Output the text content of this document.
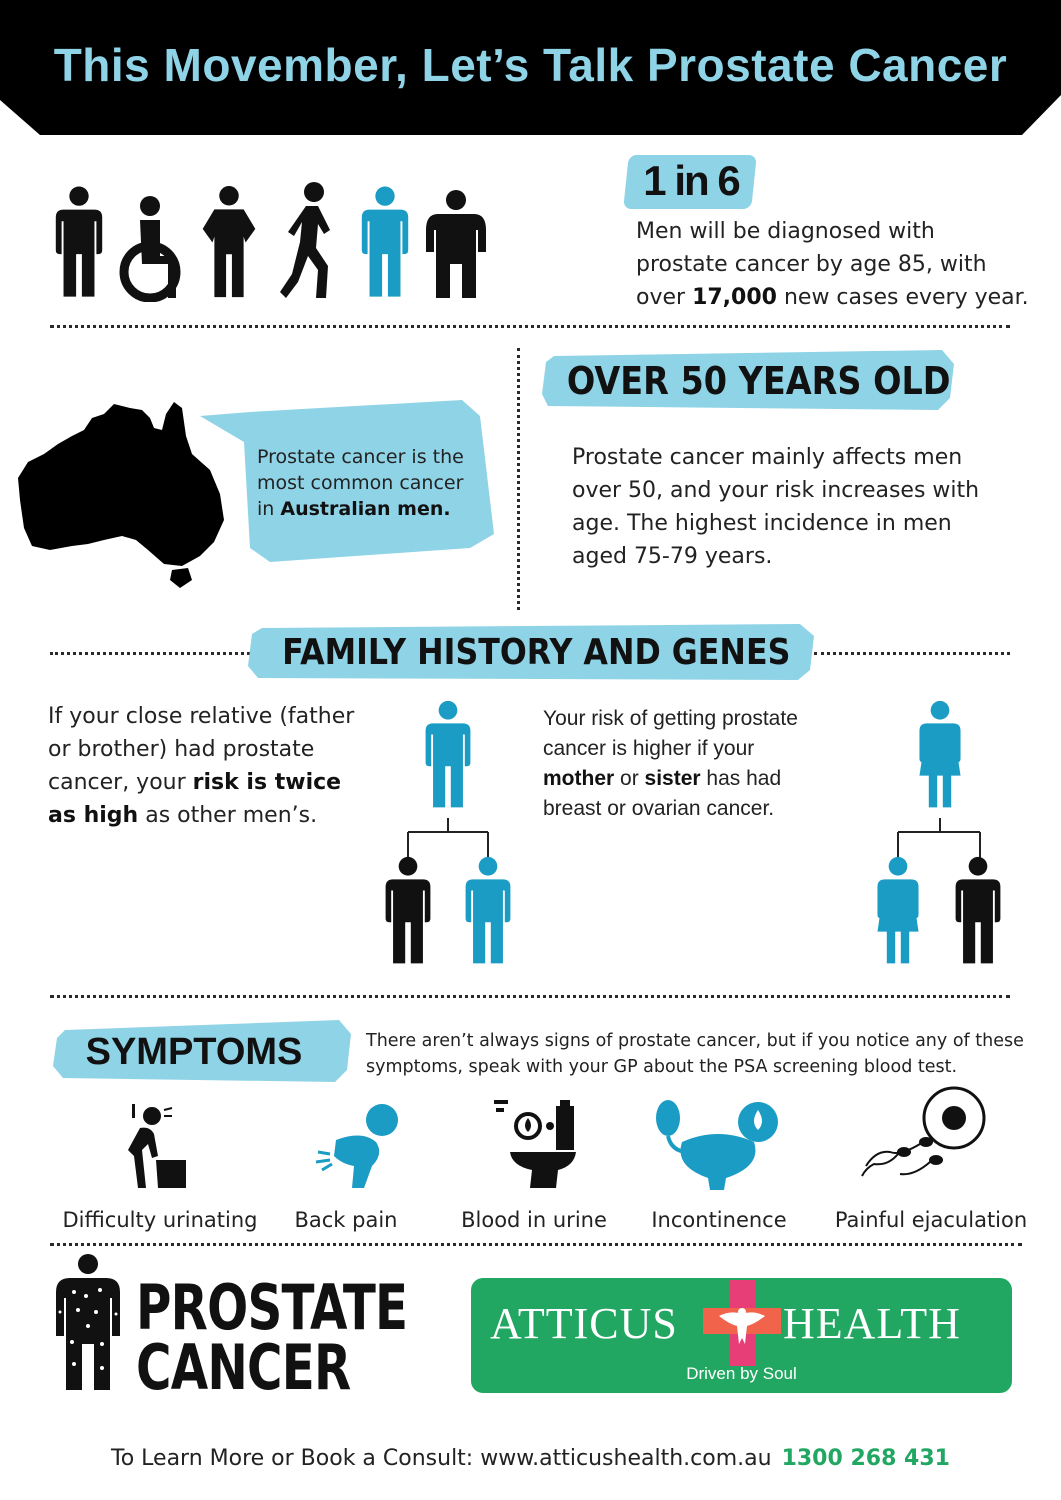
This Movember, Let’s Talk Prostate Cancer
1 in 6
Men will be diagnosed with
prostate cancer by age 85, with
over 17,000 new cases every year.
Prostate cancer is the
most common cancer
in Australian men.
OVER 50 YEARS OLD
Prostate cancer mainly affects men
over 50, and your risk increases with
age. The highest incidence in men
aged 75-79 years.
FAMILY HISTORY AND GENES
If your close relative (father
or brother) had prostate
cancer, your risk is twice
as high as other men’s.
Your risk of getting prostate
cancer is higher if your
mother or sister has had
breast or ovarian cancer.
SYMPTOMS	There aren’t always signs of prostate cancer, but if you notice any of these
symptoms, speak with your GP about the PSA screening blood test.
Difficulty urinating	Back pain	Blood in urine	Incontinence	Painful ejaculation
PROSTATE
CANCER
ATTICUS HEALTH
Driven by Soul
To Learn More or Book a Consult: www.atticushealth.com.au 1300 268 431
